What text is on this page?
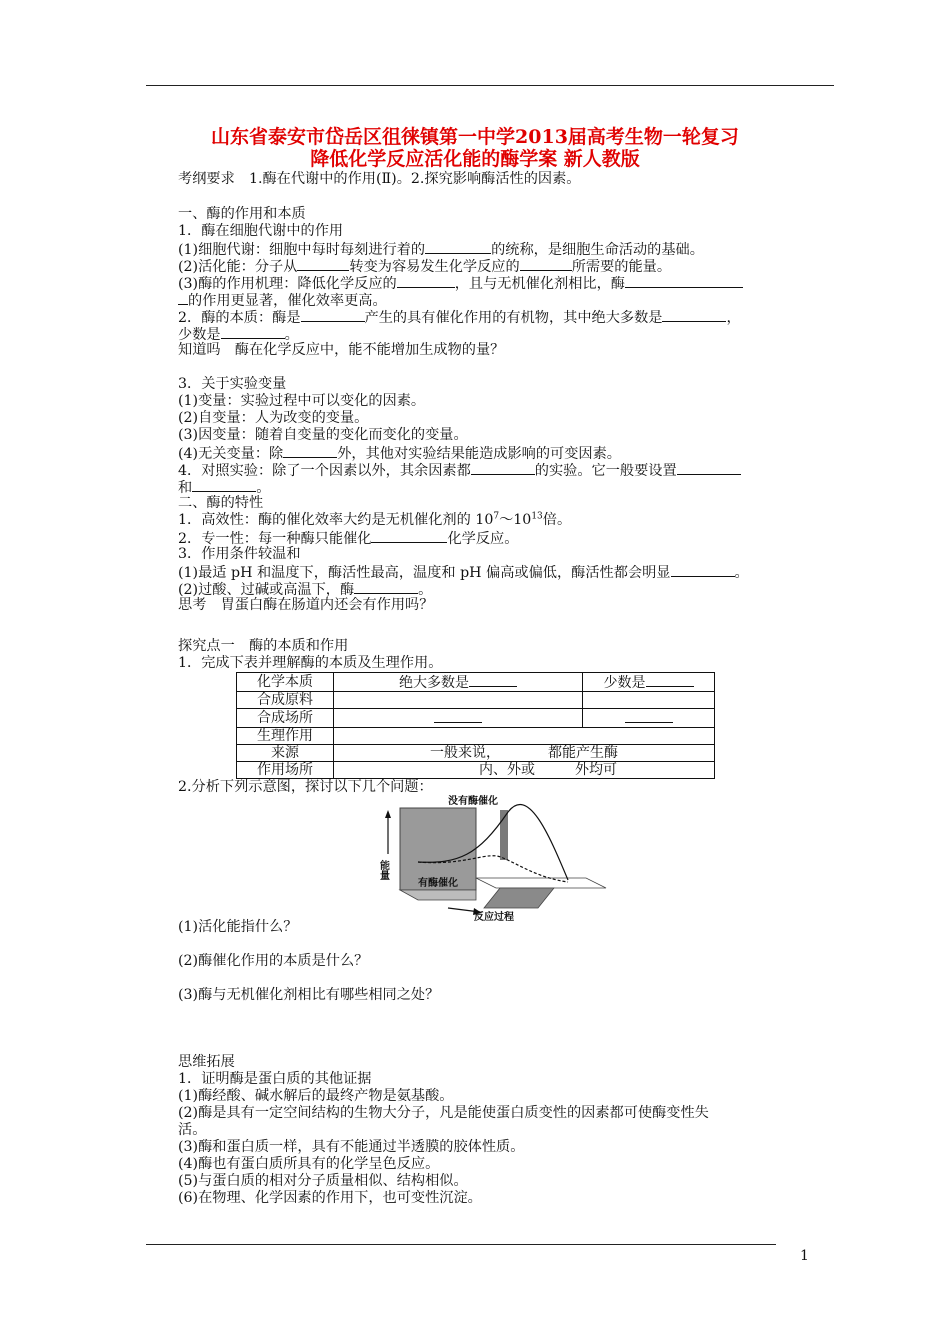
山东省泰安市岱岳区徂徕镇第一中学2013届高考生物一轮复习
降低化学反应活化能的酶学案 新人教版
考纲要求　1.酶在代谢中的作用(Ⅱ)。2.探究影响酶活性的因素。
一、酶的作用和本质
1．酶在细胞代谢中的作用
(1)细胞代谢：细胞中每时每刻进行着的	的统称，是细胞生命活动的基础。
(2)活化能：分子从	转变为容易发生化学反应的	所需要的能量。
(3)酶的作用机理：降低化学反应的	，且与无机催化剂相比，酶
的作用更显著，催化效率更高。
2．酶的本质：酶是	产生的具有催化作用的有机物，其中绝大多数是	，
少数是	。
知道吗　酶在化学反应中，能不能增加生成物的量？
3．关于实验变量
(1)变量：实验过程中可以变化的因素。
(2)自变量：人为改变的变量。
(3)因变量：随着自变量的变化而变化的变量。
(4)无关变量：除	外，其他对实验结果能造成影响的可变因素。
4．对照实验：除了一个因素以外，其余因素都	的实验。它一般要设置
和	。
二、酶的特性
1．高效性：酶的催化效率大约是无机催化剂的 $10^7\sim 10^{13}$倍。
2．专一性：每一种酶只能催化	化学反应。
3．作用条件较温和
(1)最适 pH 和温度下，酶活性最高，温度和 pH 偏高或偏低，酶活性都会明显	。
(2)过酸、过碱或高温下，酶	。
思考　胃蛋白酶在肠道内还会有作用吗？
探究点一　酶的本质和作用
1．完成下表并理解酶的本质及生理作用。
化学本质	绝大多数是	少数是
合成原料		
合成场所		
生理作用		
来源	一般来说， 都能产生酶	
作用场所	内、外或 外均可	
2.分析下列示意图，探讨以下几个问题：
没有酶催化
能量
有酶催化
反应过程
(1)活化能指什么？
(2)酶催化作用的本质是什么？
(3)酶与无机催化剂相比有哪些相同之处？
思维拓展
1．证明酶是蛋白质的其他证据
(1)酶经酸、碱水解后的最终产物是氨基酸。
(2)酶是具有一定空间结构的生物大分子，凡是能使蛋白质变性的因素都可使酶变性失
活。
(3)酶和蛋白质一样，具有不能通过半透膜的胶体性质。
(4)酶也有蛋白质所具有的化学呈色反应。
(5)与蛋白质的相对分子质量相似、结构相似。
(6)在物理、化学因素的作用下，也可变性沉淀。
1
